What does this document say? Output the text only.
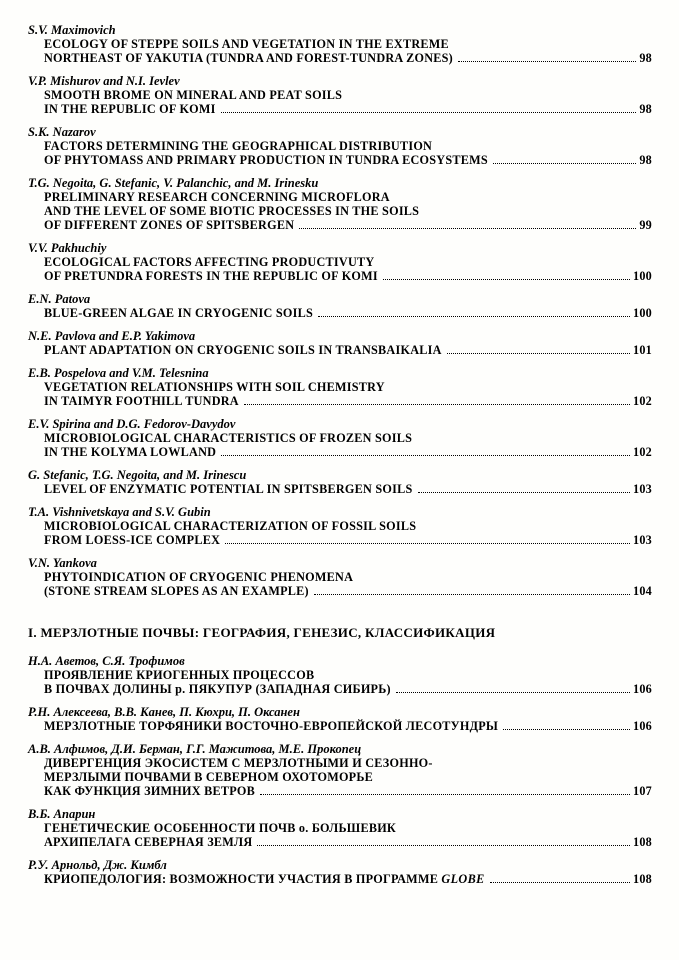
S.V. Maximovich
ECOLOGY OF STEPPE SOILS AND VEGETATION IN THE EXTREME
NORTHEAST OF YAKUTIA (TUNDRA AND FOREST-TUNDRA ZONES)	98
V.P. Mishurov and N.I. Ievlev
SMOOTH BROME ON MINERAL AND PEAT SOILS
IN THE REPUBLIC OF KOMI	98
S.K. Nazarov
FACTORS DETERMINING THE GEOGRAPHICAL DISTRIBUTION
OF PHYTOMASS AND PRIMARY PRODUCTION IN TUNDRA ECOSYSTEMS	98
T.G. Negoita, G. Stefanic, V. Palanchic, and M. Irinesku
PRELIMINARY RESEARCH CONCERNING MICROFLORA
AND THE LEVEL OF SOME BIOTIC PROCESSES IN THE SOILS
OF DIFFERENT ZONES OF SPITSBERGEN	99
V.V. Pakhuchiy
ECOLOGICAL FACTORS AFFECTING PRODUCTIVUTY
OF PRETUNDRA FORESTS IN THE REPUBLIC OF KOMI	100
E.N. Patova
BLUE-GREEN ALGAE IN CRYOGENIC SOILS	100
N.E. Pavlova and E.P. Yakimova
PLANT ADAPTATION ON CRYOGENIC SOILS IN TRANSBAIKALIA	101
E.B. Pospelova and V.M. Telesnina
VEGETATION RELATIONSHIPS WITH SOIL CHEMISTRY
IN TAIMYR FOOTHILL TUNDRA	102
E.V. Spirina and D.G. Fedorov-Davydov
MICROBIOLOGICAL CHARACTERISTICS OF FROZEN SOILS
IN THE KOLYMA LOWLAND	102
G. Stefanic, T.G. Negoita, and M. Irinescu
LEVEL OF ENZYMATIC POTENTIAL IN SPITSBERGEN SOILS	103
T.A. Vishnivetskaya and S.V. Gubin
MICROBIOLOGICAL CHARACTERIZATION OF FOSSIL SOILS
FROM LOESS-ICE COMPLEX	103
V.N. Yankova
PHYTOINDICATION OF CRYOGENIC PHENOMENA
(STONE STREAM SLOPES AS AN EXAMPLE)	104
I. МЕРЗЛОТНЫЕ ПОЧВЫ: ГЕОГРАФИЯ, ГЕНЕЗИС, КЛАССИФИКАЦИЯ
Н.А. Аветов, С.Я. Трофимов
ПРОЯВЛЕНИЕ КРИОГЕННЫХ ПРОЦЕССОВ
В ПОЧВАХ ДОЛИНЫ р. ПЯКУПУР (ЗАПАДНАЯ СИБИРЬ)	106
Р.Н. Алексеева, В.В. Канев, П. Кюхри, П. Оксанен
МЕРЗЛОТНЫЕ ТОРФЯНИКИ ВОСТОЧНО-ЕВРОПЕЙСКОЙ ЛЕСОТУНДРЫ	106
А.В. Алфимов, Д.И. Берман, Г.Г. Мажитова, М.Е. Прокопец
ДИВЕРГЕНЦИЯ ЭКОСИСТЕМ С МЕРЗЛОТНЫМИ И СЕЗОННО-
МЕРЗЛЫМИ ПОЧВАМИ В СЕВЕРНОМ ОХОТОМОРЬЕ
КАК ФУНКЦИЯ ЗИМНИХ ВЕТРОВ	107
В.Б. Апарин
ГЕНЕТИЧЕСКИЕ ОСОБЕННОСТИ ПОЧВ о. БОЛЬШЕВИК
АРХИПЕЛАГА СЕВЕРНАЯ ЗЕМЛЯ	108
Р.У. Арнольд, Дж. Кимбл
КРИОПЕДОЛОГИЯ: ВОЗМОЖНОСТИ УЧАСТИЯ В ПРОГРАММЕ GLOBE	108
